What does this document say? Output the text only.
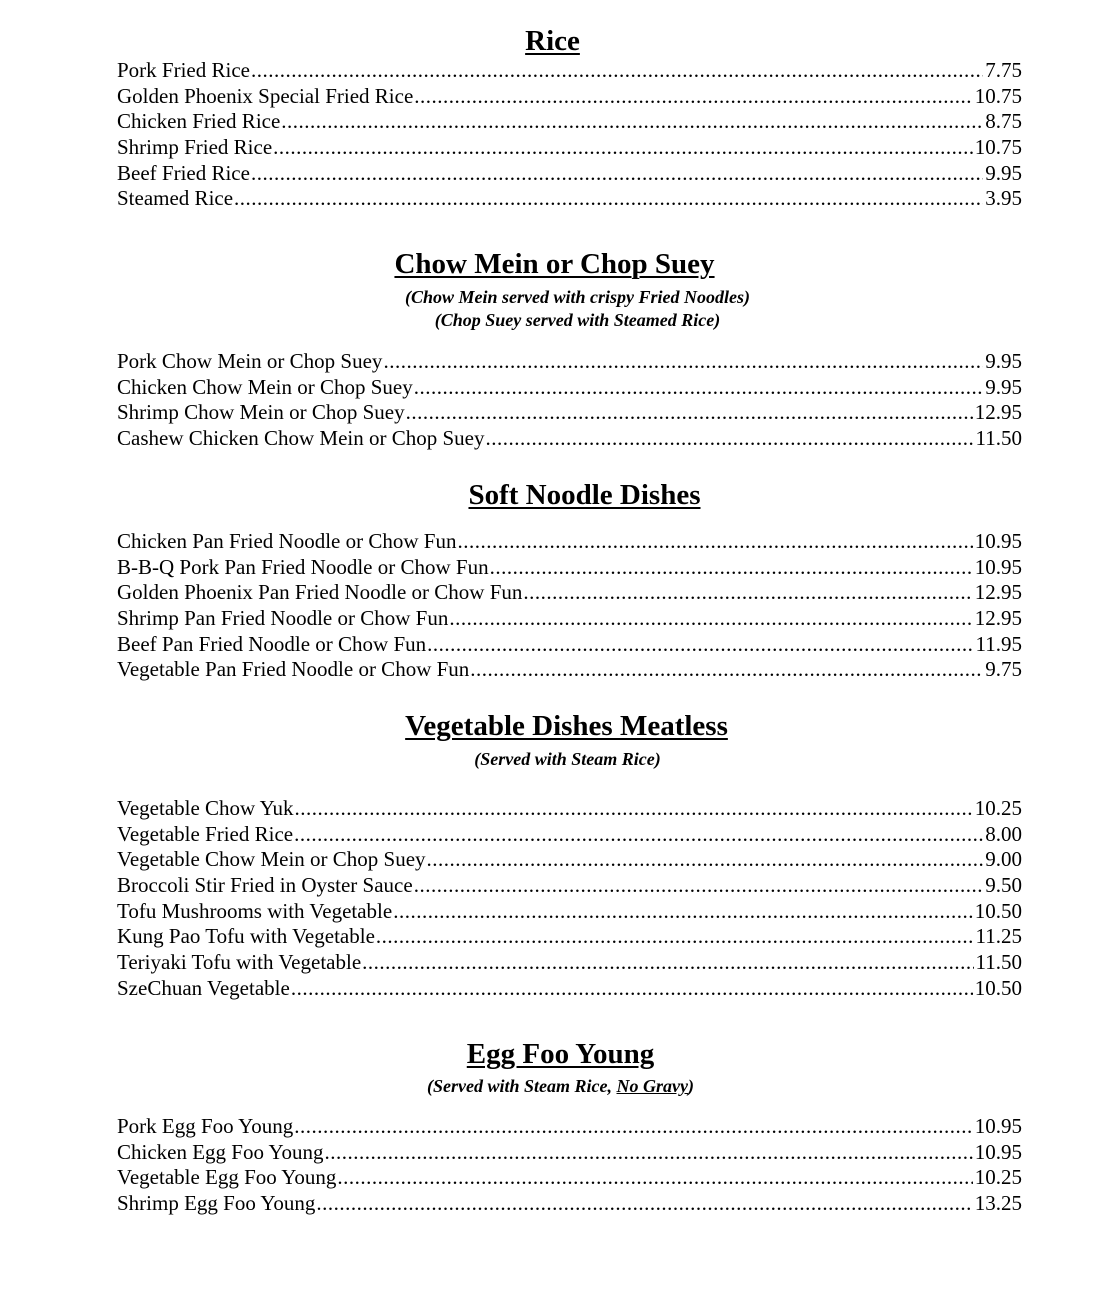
Rice
Pork Fried Rice .....	7.75
Golden Phoenix Special Fried Rice .....	10.75
Chicken Fried Rice .....	8.75
Shrimp Fried Rice .....	10.75
Beef Fried Rice .....	9.95
Steamed Rice .....	3.95
Chow Mein or Chop Suey
(Chow Mein served with crispy Fried Noodles)
(Chop Suey served with Steamed Rice)
Pork Chow Mein or Chop Suey .....	9.95
Chicken Chow Mein or Chop Suey .....	9.95
Shrimp Chow Mein or Chop Suey .....	12.95
Cashew Chicken Chow Mein or Chop Suey .....	11.50
Soft Noodle Dishes
Chicken Pan Fried Noodle or Chow Fun .....	10.95
B-B-Q Pork Pan Fried Noodle or Chow Fun .....	10.95
Golden Phoenix Pan Fried Noodle or Chow Fun .....	12.95
Shrimp Pan Fried Noodle or Chow Fun .....	12.95
Beef Pan Fried Noodle or Chow Fun .....	11.95
Vegetable Pan Fried Noodle or Chow Fun .....	9.75
Vegetable Dishes Meatless
(Served with Steam Rice)
Vegetable Chow Yuk .....	10.25
Vegetable Fried Rice .....	8.00
Vegetable Chow Mein or Chop Suey .....	9.00
Broccoli Stir Fried in Oyster Sauce .....	9.50
Tofu Mushrooms with Vegetable .....	10.50
Kung Pao Tofu with Vegetable .....	11.25
Teriyaki Tofu with Vegetable .....	11.50
SzeChuan Vegetable .....	10.50
Egg Foo Young
(Served with Steam Rice, No Gravy)
Pork Egg Foo Young .....	10.95
Chicken Egg Foo Young .....	10.95
Vegetable Egg Foo Young .....	10.25
Shrimp Egg Foo Young .....	13.25
